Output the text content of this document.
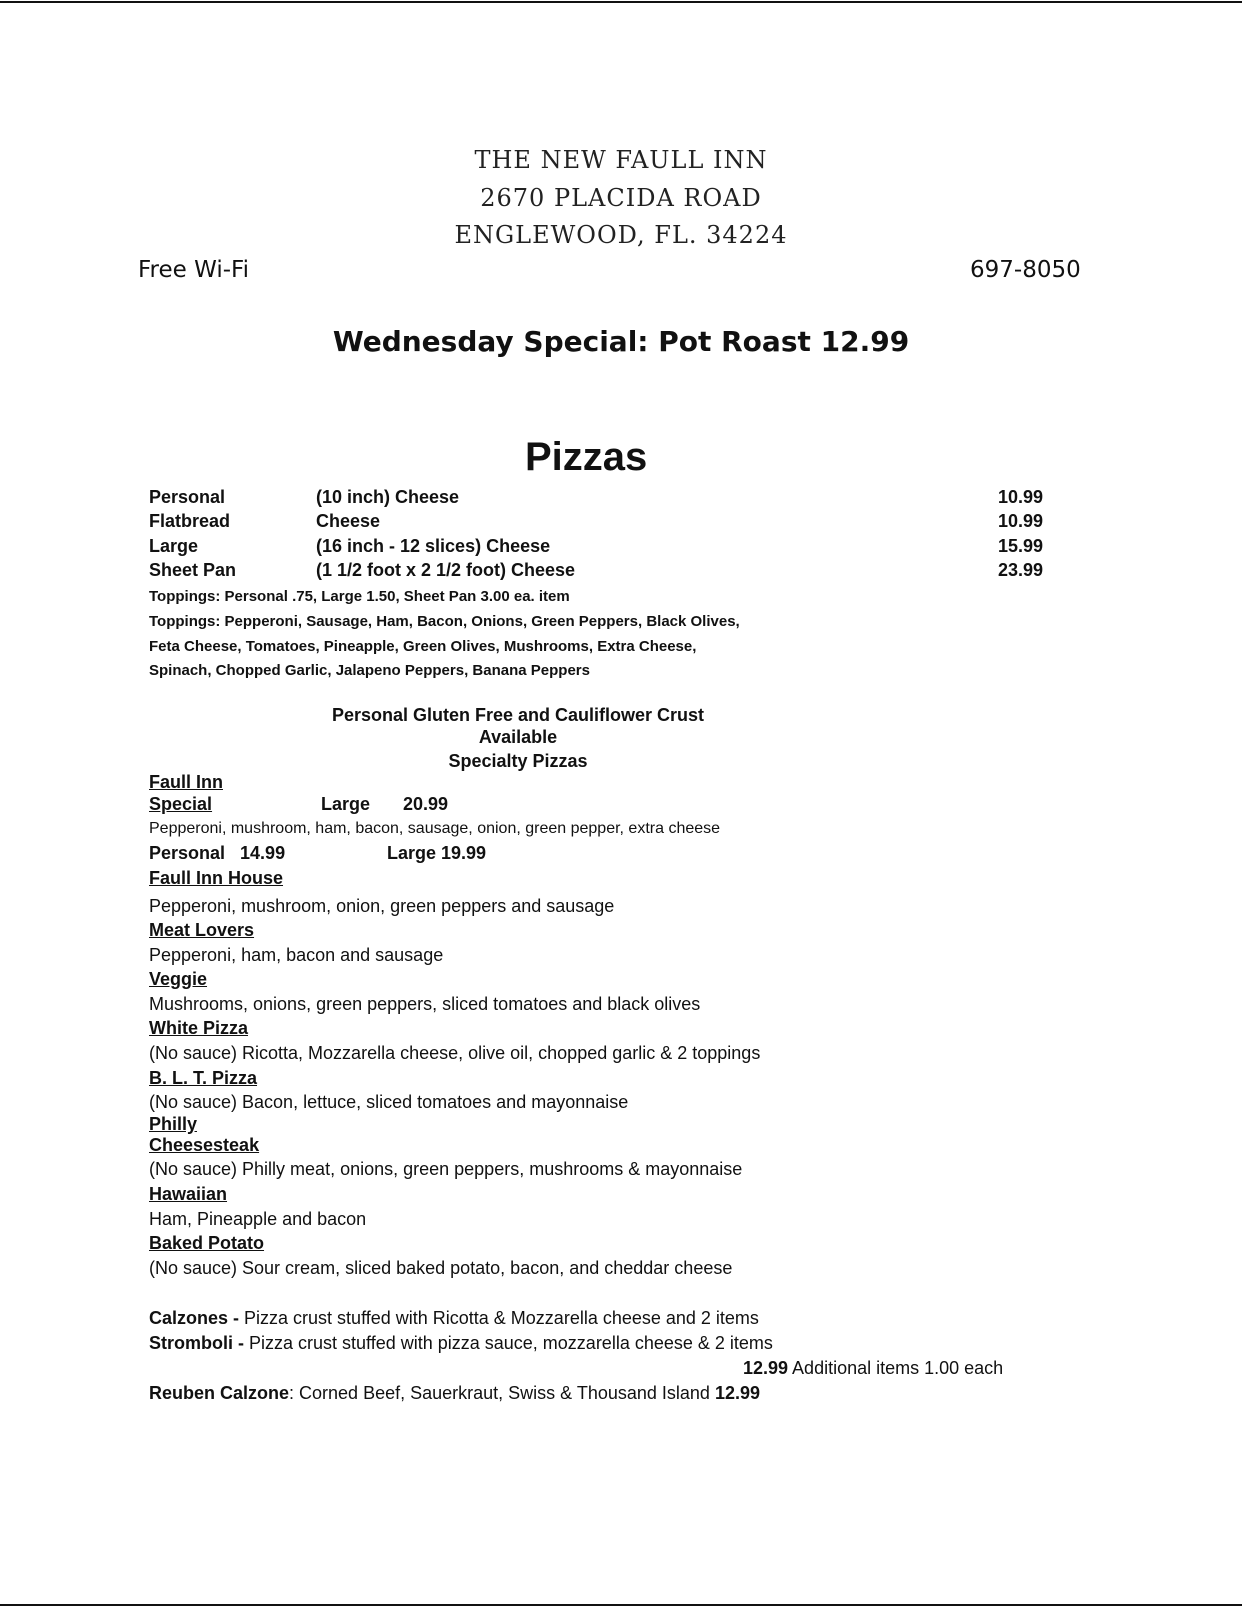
THE NEW FAULL INN
2670 PLACIDA ROAD
ENGLEWOOD, FL. 34224
Free Wi-Fi	697-8050
Wednesday Special: Pot Roast 12.99
Pizzas
Personal	(10 inch) Cheese	10.99
Flatbread	Cheese	10.99
Large	(16 inch - 12 slices) Cheese	15.99
Sheet Pan	(1 1/2 foot x 2 1/2 foot) Cheese	23.99
Toppings: Personal .75, Large 1.50, Sheet Pan 3.00 ea. item
Toppings: Pepperoni, Sausage, Ham, Bacon, Onions, Green Peppers, Black Olives,
Feta Cheese, Tomatoes, Pineapple, Green Olives, Mushrooms, Extra Cheese,
Spinach, Chopped Garlic, Jalapeno Peppers, Banana Peppers
Personal Gluten Free and Cauliflower Crust
Available
Specialty Pizzas
Faull Inn
Special	Large 20.99
Pepperoni, mushroom, ham, bacon, sausage, onion, green pepper, extra cheese
Personal   14.99	Large 19.99
Faull Inn House
Pepperoni, mushroom, onion, green peppers and sausage
Meat Lovers
Pepperoni, ham, bacon and sausage
Veggie
Mushrooms, onions, green peppers, sliced tomatoes and black olives
White Pizza
(No sauce) Ricotta, Mozzarella cheese, olive oil, chopped garlic & 2 toppings
B. L. T. Pizza
(No sauce) Bacon, lettuce, sliced tomatoes and mayonnaise
Philly
Cheesesteak
(No sauce) Philly meat, onions, green peppers, mushrooms & mayonnaise
Hawaiian
Ham, Pineapple and bacon
Baked Potato
(No sauce) Sour cream, sliced baked potato, bacon, and cheddar cheese
Calzones - Pizza crust stuffed with Ricotta & Mozzarella cheese and 2 items
Stromboli - Pizza crust stuffed with pizza sauce, mozzarella cheese & 2 items
12.99 Additional items 1.00 each
Reuben Calzone: Corned Beef, Sauerkraut, Swiss & Thousand Island 12.99
